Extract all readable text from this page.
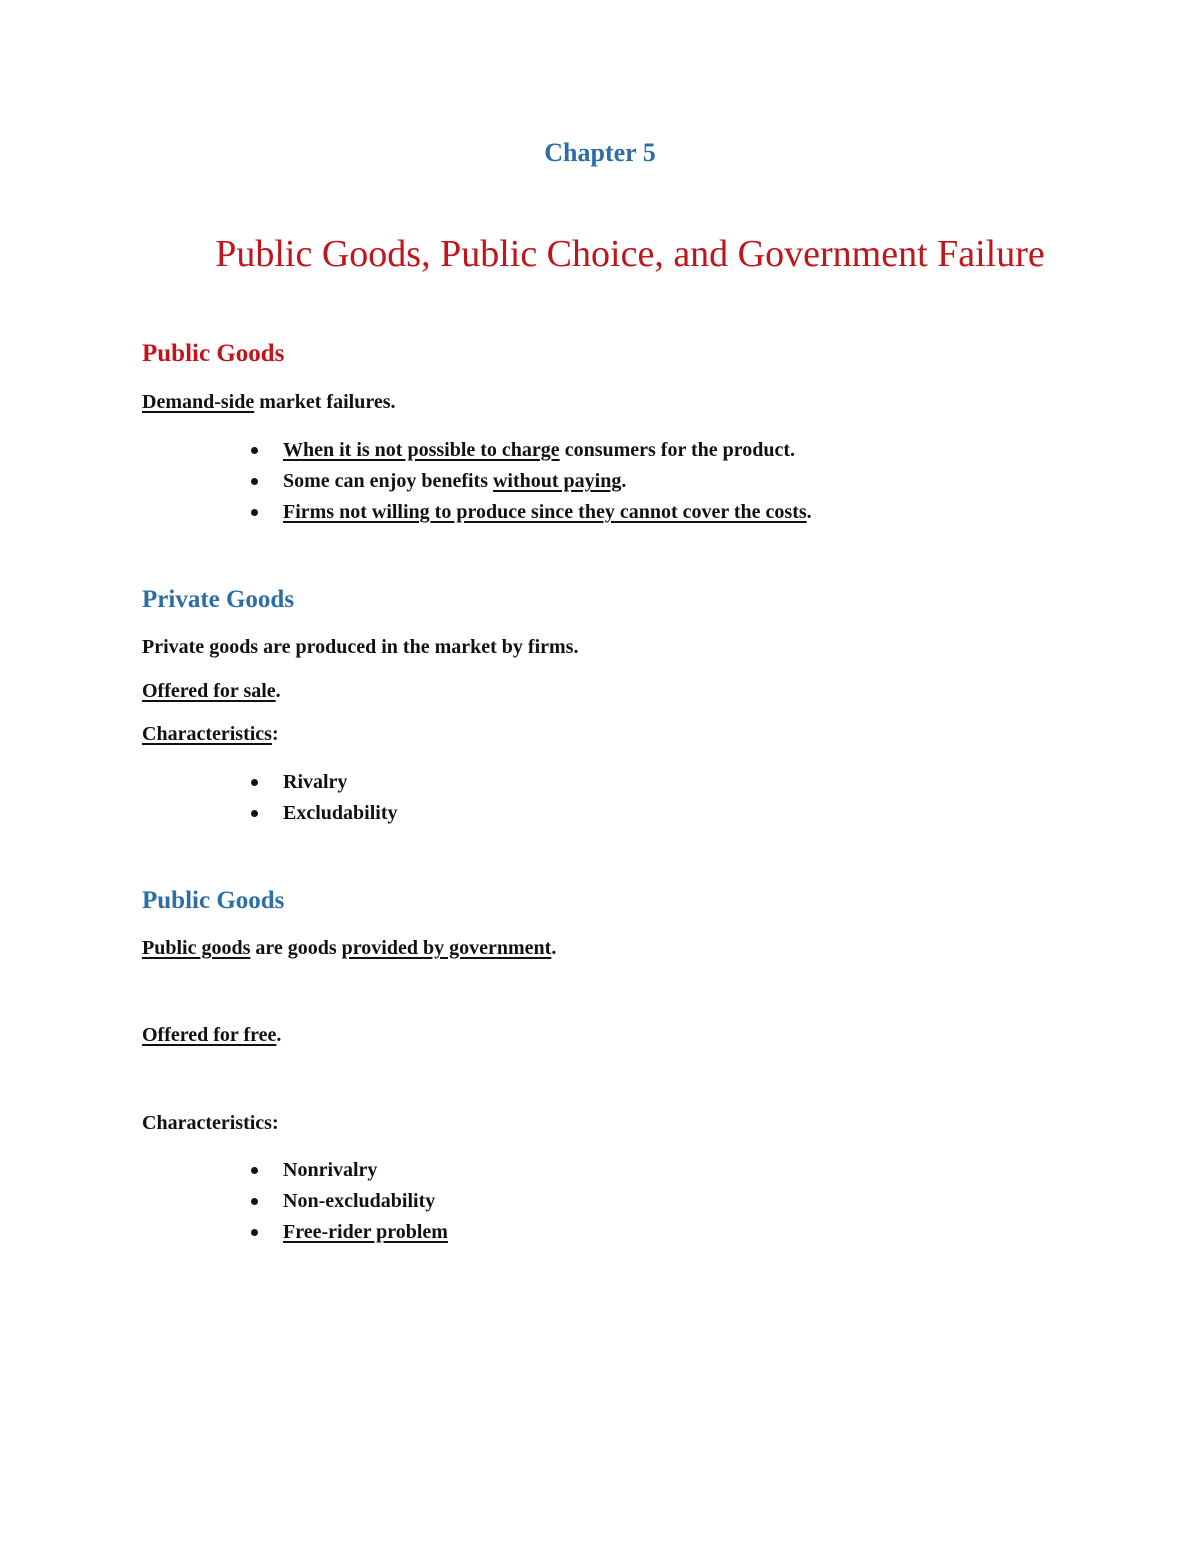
Chapter 5
Public Goods, Public Choice, and Government Failure
Public Goods
Demand-side market failures.
When it is not possible to charge consumers for the product.
Some can enjoy benefits without paying.
Firms not willing to produce since they cannot cover the costs.
Private Goods
Private goods are produced in the market by firms.
Offered for sale.
Characteristics:
Rivalry
Excludability
Public Goods
Public goods are goods provided by government.
Offered for free.
Characteristics:
Nonrivalry
Non-excludability
Free-rider problem
